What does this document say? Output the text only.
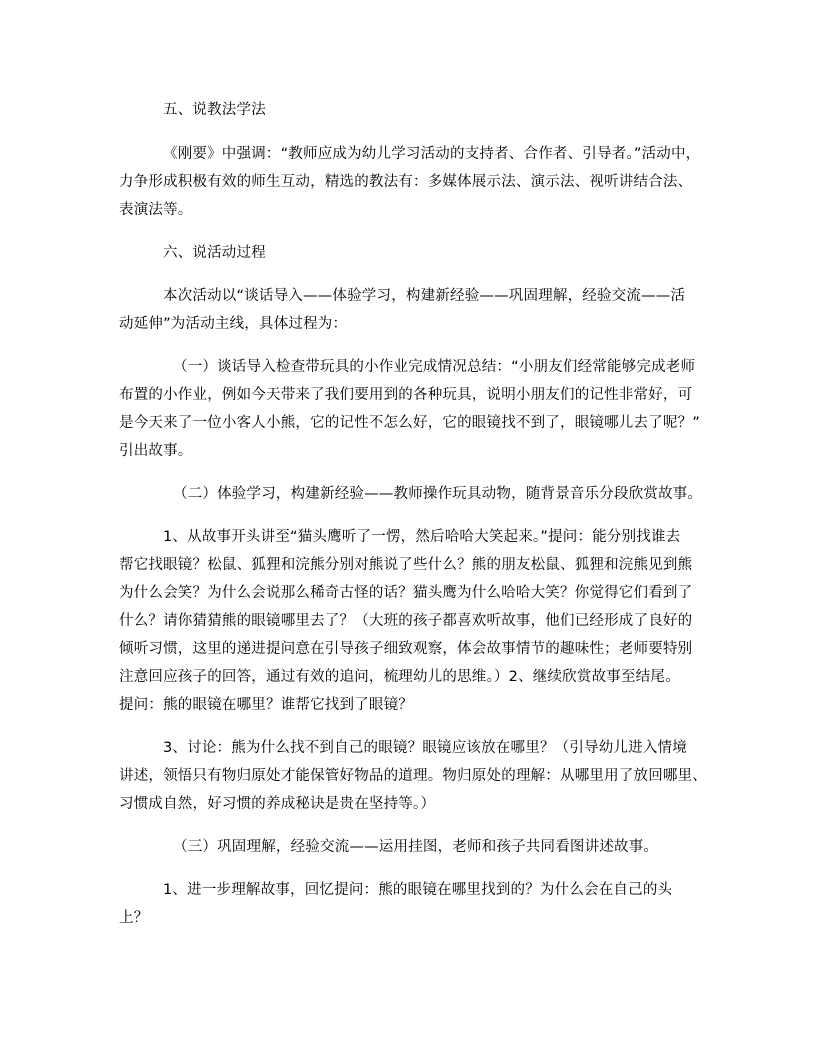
五、说教法学法
《刚要》中强调：“教师应成为幼儿学习活动的支持者、合作者、引导者。”活动中，
力争形成积极有效的师生互动，精选的教法有：多媒体展示法、演示法、视听讲结合法、
表演法等。
六、说活动过程
本次活动以“谈话导入——体验学习，构建新经验——巩固理解，经验交流——活
动延伸”为活动主线，具体过程为：
（一）谈话导入检查带玩具的小作业完成情况总结：“小朋友们经常能够完成老师
布置的小作业，例如今天带来了我们要用到的各种玩具，说明小朋友们的记性非常好，可
是今天来了一位小客人小熊，它的记性不怎么好，它的眼镜找不到了，眼镜哪儿去了呢？”
引出故事。
（二）体验学习，构建新经验——教师操作玩具动物，随背景音乐分段欣赏故事。
1、从故事开头讲至“猫头鹰听了一愣，然后哈哈大笑起来。”提问：能分别找谁去
帮它找眼镜？松鼠、狐狸和浣熊分别对熊说了些什么？熊的朋友松鼠、狐狸和浣熊见到熊
为什么会笑？为什么会说那么稀奇古怪的话？猫头鹰为什么哈哈大笑？你觉得它们看到了
什么？请你猜猜熊的眼镜哪里去了？（大班的孩子都喜欢听故事，他们已经形成了良好的
倾听习惯，这里的递进提问意在引导孩子细致观察，体会故事情节的趣味性；老师要特别
注意回应孩子的回答，通过有效的追问，梳理幼儿的思维。）2、继续欣赏故事至结尾。
提问：熊的眼镜在哪里？谁帮它找到了眼镜？
3、讨论：熊为什么找不到自己的眼镜？眼镜应该放在哪里？（引导幼儿进入情境
讲述，领悟只有物归原处才能保管好物品的道理。物归原处的理解：从哪里用了放回哪里、
习惯成自然，好习惯的养成秘诀是贵在坚持等。）
（三）巩固理解，经验交流——运用挂图，老师和孩子共同看图讲述故事。
1、进一步理解故事，回忆提问：熊的眼镜在哪里找到的？为什么会在自己的头
上？
